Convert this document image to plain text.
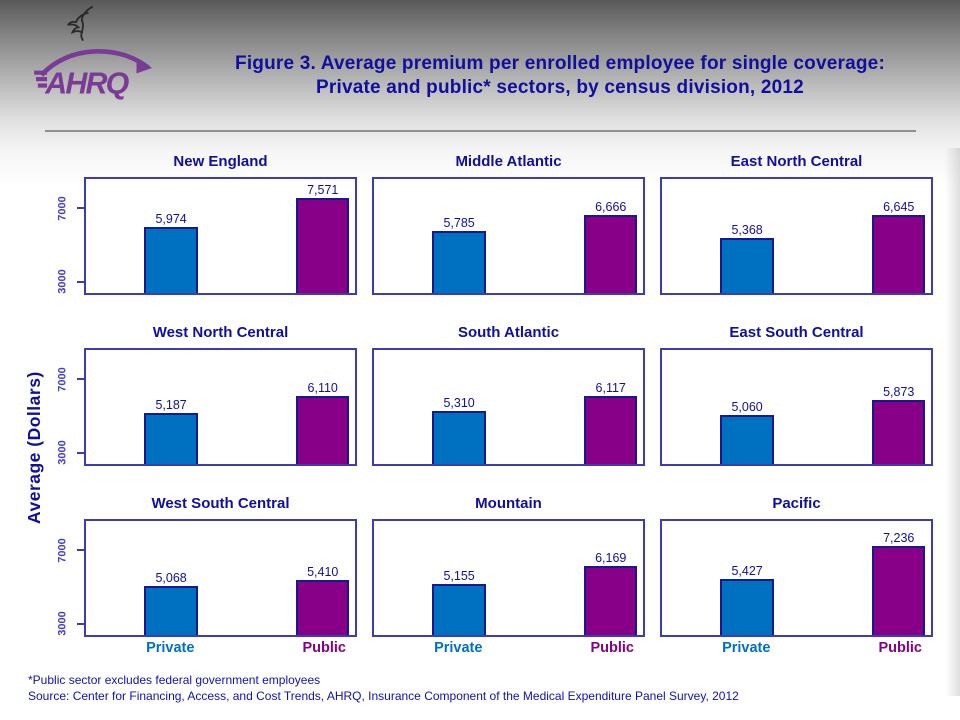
AHRQ
Figure 3. Average premium per enrolled employee for single coverage:
Private and public* sectors, by census division, 2012
Average (Dollars)
New England
7000
3000
5,974
7,571
Middle Atlantic
5,785
6,666
East North Central
5,368
6,645
West North Central
7000
3000
5,187
6,110
South Atlantic
5,310
6,117
East South Central
5,060
5,873
West South Central
7000
3000
5,068	5,410
Private	Public
Mountain
5,155
6,169
Private	Public
Pacific
5,427
7,236
Private	Public
*Public sector excludes federal government employees
Source: Center for Financing, Access, and Cost Trends, AHRQ, Insurance Component of the Medical Expenditure Panel Survey, 2012
